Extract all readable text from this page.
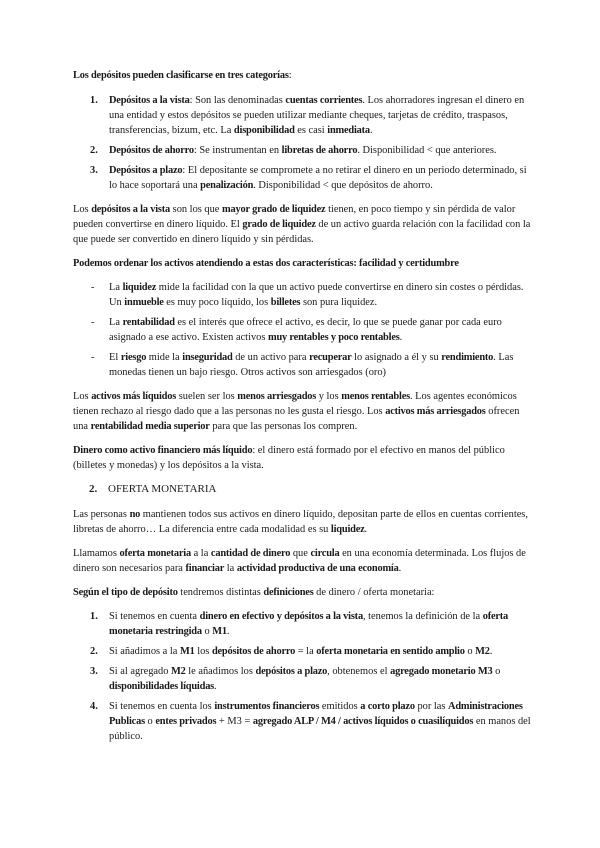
Los depósitos pueden clasificarse en tres categorías:

1. Depósitos a la vista: Son las denominadas cuentas corrientes. Los ahorradores ingresan el dinero en una entidad y estos depósitos se pueden utilizar mediante cheques, tarjetas de crédito, traspasos, transferencias, bizum, etc. La disponibilidad es casi inmediata.
2. Depósitos de ahorro: Se instrumentan en libretas de ahorro. Disponibilidad < que anteriores.
3. Depósitos a plazo: El depositante se compromete a no retirar el dinero en un periodo determinado, si lo hace soportará una penalización. Disponibilidad < que depósitos de ahorro.

Los depósitos a la vista son los que mayor grado de liquidez tienen, en poco tiempo y sin pérdida de valor pueden convertirse en dinero líquido. El grado de liquidez de un activo guarda relación con la facilidad con la que puede ser convertido en dinero líquido y sin pérdidas.

Podemos ordenar los activos atendiendo a estas dos características: facilidad y certidumbre

- La liquidez mide la facilidad con la que un activo puede convertirse en dinero sin costes o pérdidas. Un inmueble es muy poco líquido, los billetes son pura liquidez.
- La rentabilidad es el interés que ofrece el activo, es decir, lo que se puede ganar por cada euro asignado a ese activo. Existen activos muy rentables y poco rentables.
- El riesgo mide la inseguridad de un activo para recuperar lo asignado a él y su rendimiento. Las monedas tienen un bajo riesgo. Otros activos son arriesgados (oro)

Los activos más líquidos suelen ser los menos arriesgados y los menos rentables. Los agentes económicos tienen rechazo al riesgo dado que a las personas no les gusta el riesgo. Los activos más arriesgados ofrecen una rentabilidad media superior para que las personas los compren.

Dinero como activo financiero más líquido: el dinero está formado por el efectivo en manos del público (billetes y monedas) y los depósitos a la vista.

2. OFERTA MONETARIA

Las personas no mantienen todos sus activos en dinero líquido, depositan parte de ellos en cuentas corrientes, libretas de ahorro… La diferencia entre cada modalidad es su liquidez.

Llamamos oferta monetaria a la cantidad de dinero que circula en una economía determinada. Los flujos de dinero son necesarios para financiar la actividad productiva de una economía.

Según el tipo de depósito tendremos distintas definiciones de dinero / oferta monetaria:

1. Si tenemos en cuenta dinero en efectivo y depósitos a la vista, tenemos la definición de la oferta monetaria restringida o M1.
2. Si añadimos a la M1 los depósitos de ahorro = la oferta monetaria en sentido amplio o M2.
3. Si al agregado M2 le añadimos los depósitos a plazo, obtenemos el agregado monetario M3 o disponibilidades líquidas.
4. Si tenemos en cuenta los instrumentos financieros emitidos a corto plazo por las Administraciones Publicas o entes privados + M3 = agregado ALP / M4 / activos líquidos o cuasilíquidos en manos del público.
